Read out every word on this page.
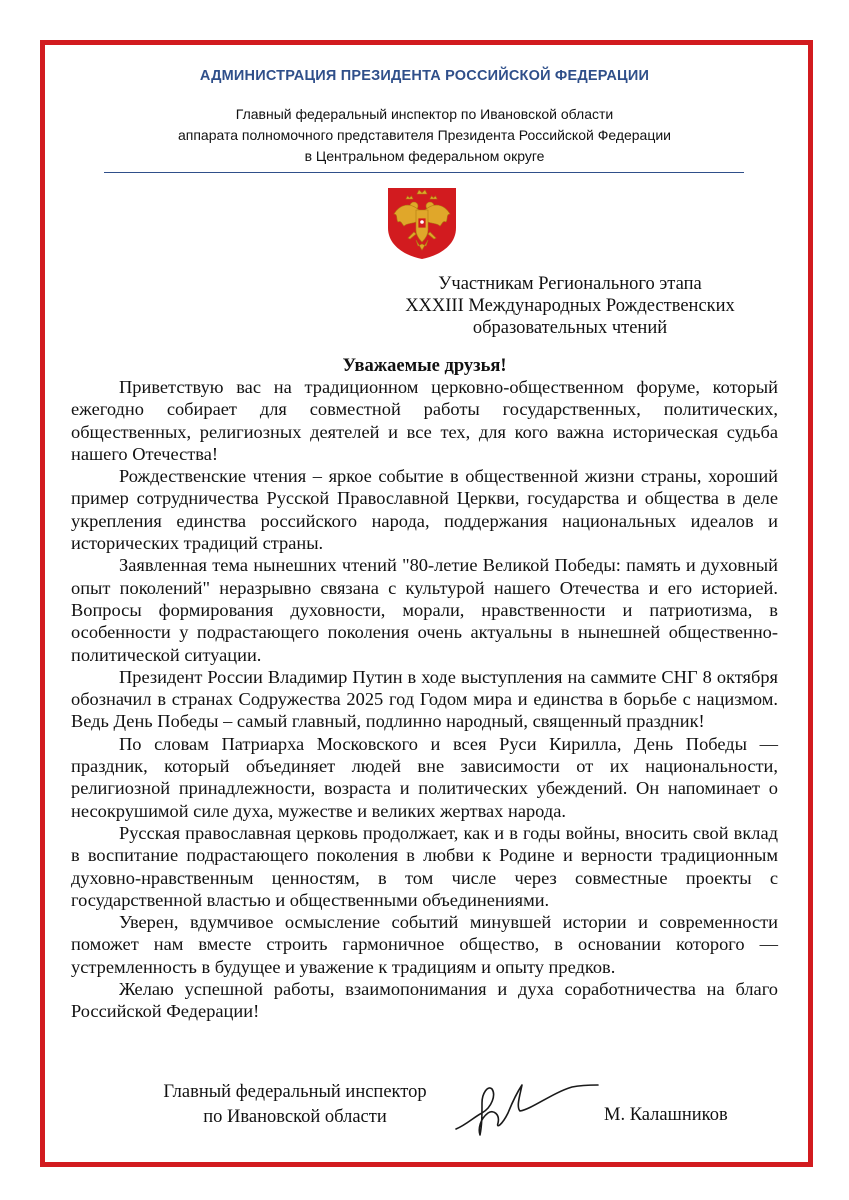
АДМИНИСТРАЦИЯ ПРЕЗИДЕНТА РОССИЙСКОЙ ФЕДЕРАЦИИ
Главный федеральный инспектор по Ивановской области
аппарата полномочного представителя Президента Российской Федерации
в Центральном федеральном округе
Участникам Регионального этапа
XXXIII Международных Рождественских
образовательных чтений
Уважаемые друзья!

Приветствую вас на традиционном церковно-общественном форуме, который ежегодно собирает для совместной работы государственных, политических, общественных, религиозных деятелей и все тех, для кого важна историческая судьба нашего Отечества!

Рождественские чтения – яркое событие в общественной жизни страны, хороший пример сотрудничества Русской Православной Церкви, государства и общества в деле укрепления единства российского народа, поддержания национальных идеалов и исторических традиций страны.

Заявленная тема нынешних чтений "80-летие Великой Победы: память и духовный опыт поколений" неразрывно связана с культурой нашего Отечества и его историей. Вопросы формирования духовности, морали, нравственности и патриотизма, в особенности у подрастающего поколения очень актуальны в нынешней общественно-политической ситуации.

Президент России Владимир Путин в ходе выступления на саммите СНГ 8 октября обозначил в странах Содружества 2025 год Годом мира и единства в борьбе с нацизмом. Ведь День Победы – самый главный, подлинно народный, священный праздник!

По словам Патриарха Московского и всея Руси Кирилла, День Победы — праздник, который объединяет людей вне зависимости от их национальности, религиозной принадлежности, возраста и политических убеждений. Он напоминает о несокрушимой силе духа, мужестве и великих жертвах народа.

Русская православная церковь продолжает, как и в годы войны, вносить свой вклад в воспитание подрастающего поколения в любви к Родине и верности традиционным духовно-нравственным ценностям, в том числе через совместные проекты с государственной властью и общественными объединениями.

Уверен, вдумчивое осмысление событий минувшей истории и современности поможет нам вместе строить гармоничное общество, в основании которого — устремленность в будущее и уважение к традициям и опыту предков.

Желаю успешной работы, взаимопонимания и духа соработничества на благо Российской Федерации!

Главный федеральный инспектор
по Ивановской области	М. Калашников
